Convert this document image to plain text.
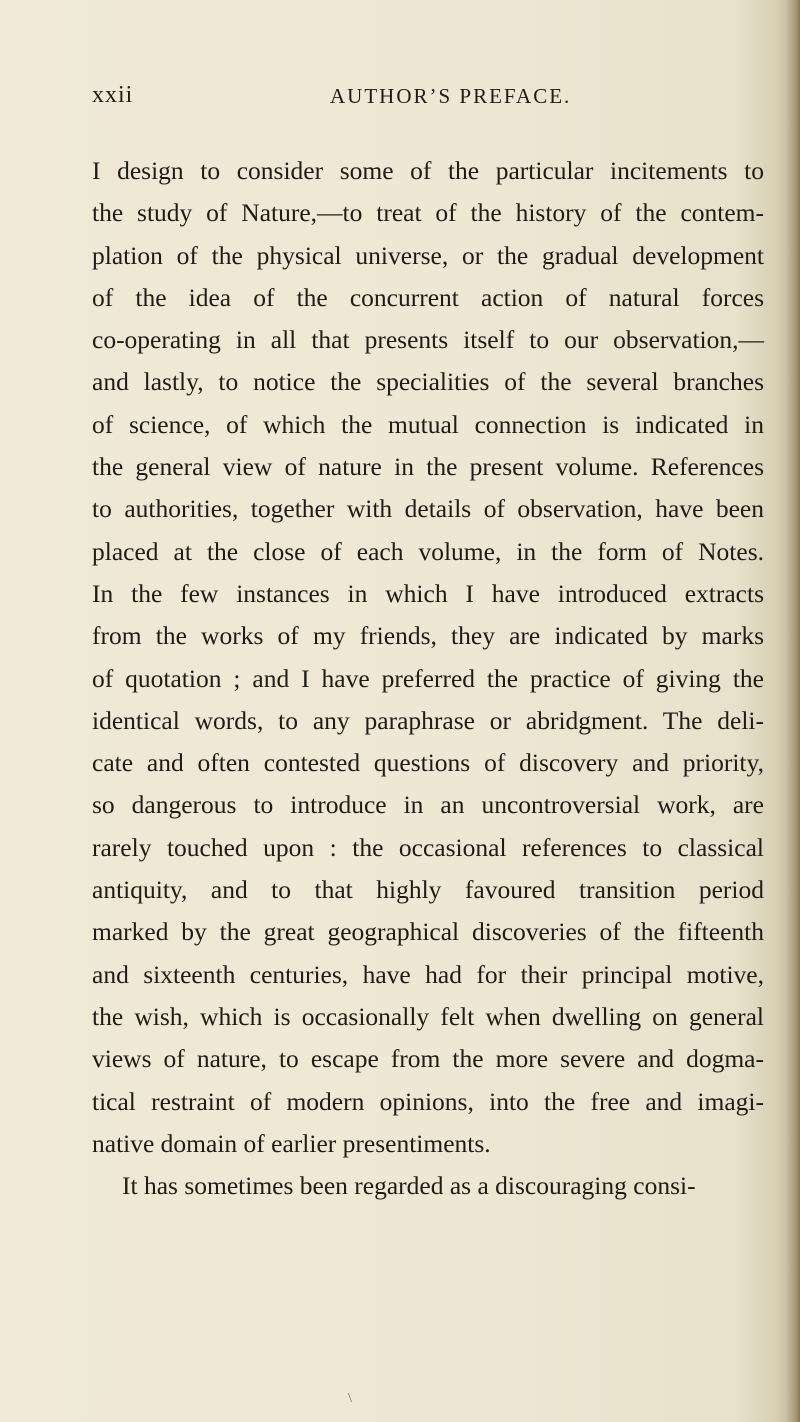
xxii	AUTHOR’S PREFACE.
I design to consider some of the particular incitements to
the study of Nature,—to treat of the history of the contem-
plation of the physical universe, or the gradual development
of the idea of the concurrent action of natural forces
co-operating in all that presents itself to our observation,—
and lastly, to notice the specialities of the several branches
of science, of which the mutual connection is indicated in
the general view of nature in the present volume. References
to authorities, together with details of observation, have been
placed at the close of each volume, in the form of Notes.
In the few instances in which I have introduced extracts
from the works of my friends, they are indicated by marks
of quotation ; and I have preferred the practice of giving the
identical words, to any paraphrase or abridgment. The deli-
cate and often contested questions of discovery and priority,
so dangerous to introduce in an uncontroversial work, are
rarely touched upon : the occasional references to classical
antiquity, and to that highly favoured transition period
marked by the great geographical discoveries of the fifteenth
and sixteenth centuries, have had for their principal motive,
the wish, which is occasionally felt when dwelling on general
views of nature, to escape from the more severe and dogma-
tical restraint of modern opinions, into the free and imagi-
native domain of earlier presentiments.
It has sometimes been regarded as a discouraging consi-
\
